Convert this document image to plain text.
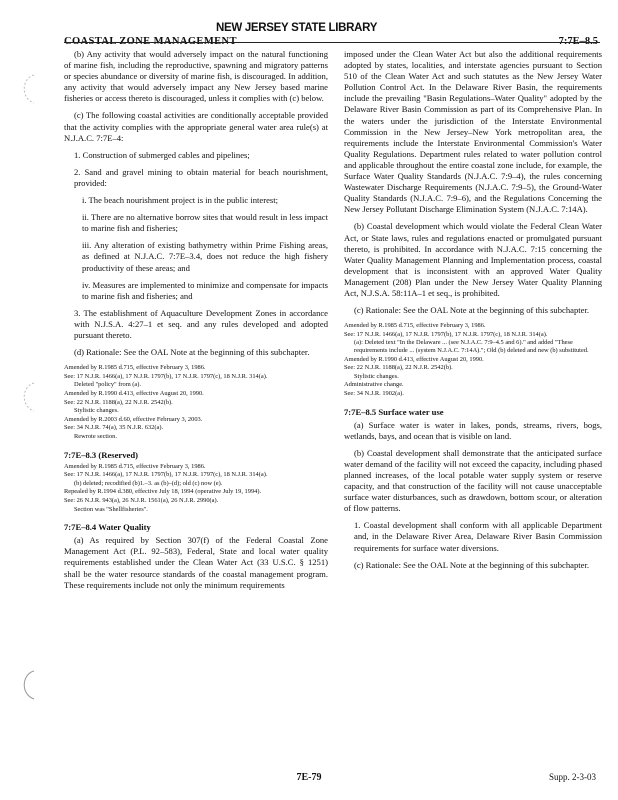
COASTAL ZONE MANAGEMENT
NEW JERSEY STATE LIBRARY
7:7E–8.5

(b) Any activity that would adversely impact on the natural functioning of marine fish, including the reproductive, spawning and migratory patterns or species abundance or diversity of marine fish, is discouraged. In addition, any activity that would adversely impact any New Jersey based marine fisheries or access thereto is discouraged, unless it complies with (c) below.

(c) The following coastal activities are conditionally acceptable provided that the activity complies with the appropriate general water area rule(s) at N.J.A.C. 7:7E–4:

1. Construction of submerged cables and pipelines;

2. Sand and gravel mining to obtain material for beach nourishment, provided:

i. The beach nourishment project is in the public interest;

ii. There are no alternative borrow sites that would result in less impact to marine fish and fisheries;

iii. Any alteration of existing bathymetry within Prime Fishing areas, as defined at N.J.A.C. 7:7E–3.4, does not reduce the high fishery productivity of these areas; and

iv. Measures are implemented to minimize and compensate for impacts to marine fish and fisheries; and

3. The establishment of Aquaculture Development Zones in accordance with N.J.S.A. 4:27–1 et seq. and any rules developed and adopted pursuant thereto.

(d) Rationale: See the OAL Note at the beginning of this subchapter.

Amended by R.1985 d.715, effective February 3, 1986.

See: 17 N.J.R. 1466(a), 17 N.J.R. 1797(b), 17 N.J.R. 1797(c), 18 N.J.R. 314(a).

Deleted "policy" from (a).

Amended by R.1990 d.413, effective August 20, 1990.

See: 22 N.J.R. 1188(a), 22 N.J.R. 2542(b).

Stylistic changes.

Amended by R.2003 d.60, effective February 3, 2003.

See: 34 N.J.R. 74(a), 35 N.J.R. 632(a).

Rewrote section.

7:7E–8.3 (Reserved)

Amended by R.1985 d.715, effective February 3, 1986.

See: 17 N.J.R. 1466(a), 17 N.J.R. 1797(b), 17 N.J.R. 1797(c), 18 N.J.R. 314(a).

(b) deleted; recodified (b)1.–3. as (b)–(d); old (c) now (e).

Repealed by R.1994 d.380, effective July 18, 1994 (operative July 19, 1994).

See: 26 N.J.R. 943(a), 26 N.J.R. 1561(a), 26 N.J.R. 2990(a).

Section was "Shellfisheries".

7:7E–8.4 Water Quality

(a) As required by Section 307(f) of the Federal Coastal Zone Management Act (P.L. 92–583), Federal, State and local water quality requirements established under the Clean Water Act (33 U.S.C. § 1251) shall be the water resource standards of the coastal management program. These requirements include not only the minimum requirements

imposed under the Clean Water Act but also the additional requirements adopted by states, localities, and interstate agencies pursuant to Section 510 of the Clean Water Act and such statutes as the New Jersey Water Pollution Control Act. In the Delaware River Basin, the requirements include the prevailing "Basin Regulations–Water Quality" adopted by the Delaware River Basin Commission as part of its Comprehensive Plan. In the waters under the jurisdiction of the Interstate Environmental Commission in the New Jersey–New York metropolitan area, the requirements include the Interstate Environmental Commission's Water Quality Regulations. Department rules related to water pollution control and applicable throughout the entire coastal zone include, for example, the Surface Water Quality Standards (N.J.A.C. 7:9–4), the rules concerning Wastewater Discharge Requirements (N.J.A.C. 7:9–5), the Ground-Water Quality Standards (N.J.A.C. 7:9–6), and the Regulations Concerning the New Jersey Pollutant Discharge Elimination System (N.J.A.C. 7:14A).

(b) Coastal development which would violate the Federal Clean Water Act, or State laws, rules and regulations enacted or promulgated pursuant thereto, is prohibited. In accordance with N.J.A.C. 7:15 concerning the Water Quality Management Planning and Implementation process, coastal development that is inconsistent with an approved Water Quality Management (208) Plan under the New Jersey Water Quality Planning Act, N.J.S.A. 58:11A–1 et seq., is prohibited.

(c) Rationale: See the OAL Note at the beginning of this subchapter.

Amended by R.1985 d.715, effective February 3, 1986.

See: 17 N.J.R. 1466(a), 17 N.J.R. 1797(b), 17 N.J.R. 1797(c), 18 N.J.R. 314(a).

(a): Deleted text "In the Delaware ... (see N.J.A.C. 7:9–4.5 and 6)." and added "These requirements include ... (system N.J.A.C. 7:14A)."; Old (b) deleted and new (b) substituted.

Amended by R.1990 d.413, effective August 20, 1990.

See: 22 N.J.R. 1188(a), 22 N.J.R. 2542(b).

Stylistic changes.

Administrative change.

See: 34 N.J.R. 1902(a).

7:7E–8.5 Surface water use

(a) Surface water is water in lakes, ponds, streams, rivers, bogs, wetlands, bays, and ocean that is visible on land.

(b) Coastal development shall demonstrate that the anticipated surface water demand of the facility will not exceed the capacity, including phased planned increases, of the local potable water supply system or reserve capacity, and that construction of the facility will not cause unacceptable surface water disturbances, such as drawdown, bottom scour, or alteration of flow patterns.

1. Coastal development shall conform with all applicable Department and, in the Delaware River Area, Delaware River Basin Commission requirements for surface water diversions.

(c) Rationale: See the OAL Note at the beginning of this subchapter.

7E-79	Supp. 2-3-03
